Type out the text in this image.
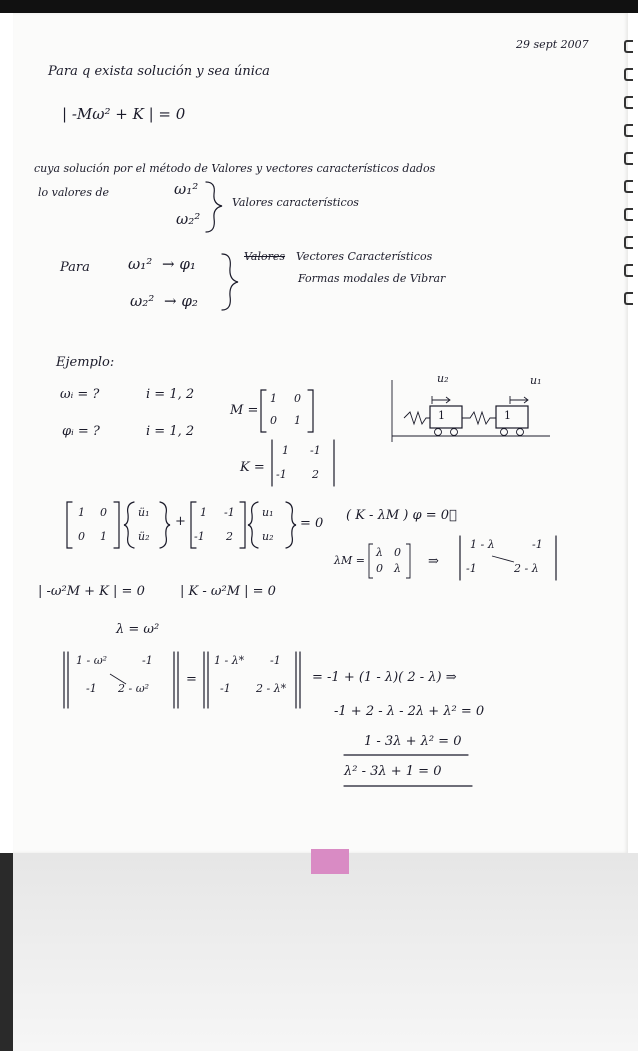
29 sept 2007
Para q exista solución y sea única
| -Mω² + K | = 0
cuya solución por el método de Valores y vectores característicos dados
lo valores de	ω₁²
ω₂²
Valores característicos
Para	ω₁² → φ₁
ω₂² → φ₂
Valores Vectores Característicos
Formas modales de Vibrar
Ejemplo:
ωᵢ = ?	i = 1, 2
φᵢ = ?	i = 1, 2
M =
1 0
0 1
K =
1 -1
-1 2
u₂	u₁
1	1
1 0
0 1
ü₁
ü₂
+
1 -1
-1 2
u₁
u₂
= 0
( K - λM ) φ = 0⃗
λM =
λ 0
0 λ ⇒
1 - λ	-1
-1	2 - λ
| -ω²M + K | = 0	| K - ω²M | = 0
λ = ω²
1 - ω²	-1
-1 2 - ω²
=
1 - λ* -1
-1 2 - λ*
= -1 + (1 - λ)( 2 - λ) ⇒
-1 + 2 - λ - 2λ + λ² = 0
1 - 3λ + λ² = 0
λ² - 3λ + 1 = 0
